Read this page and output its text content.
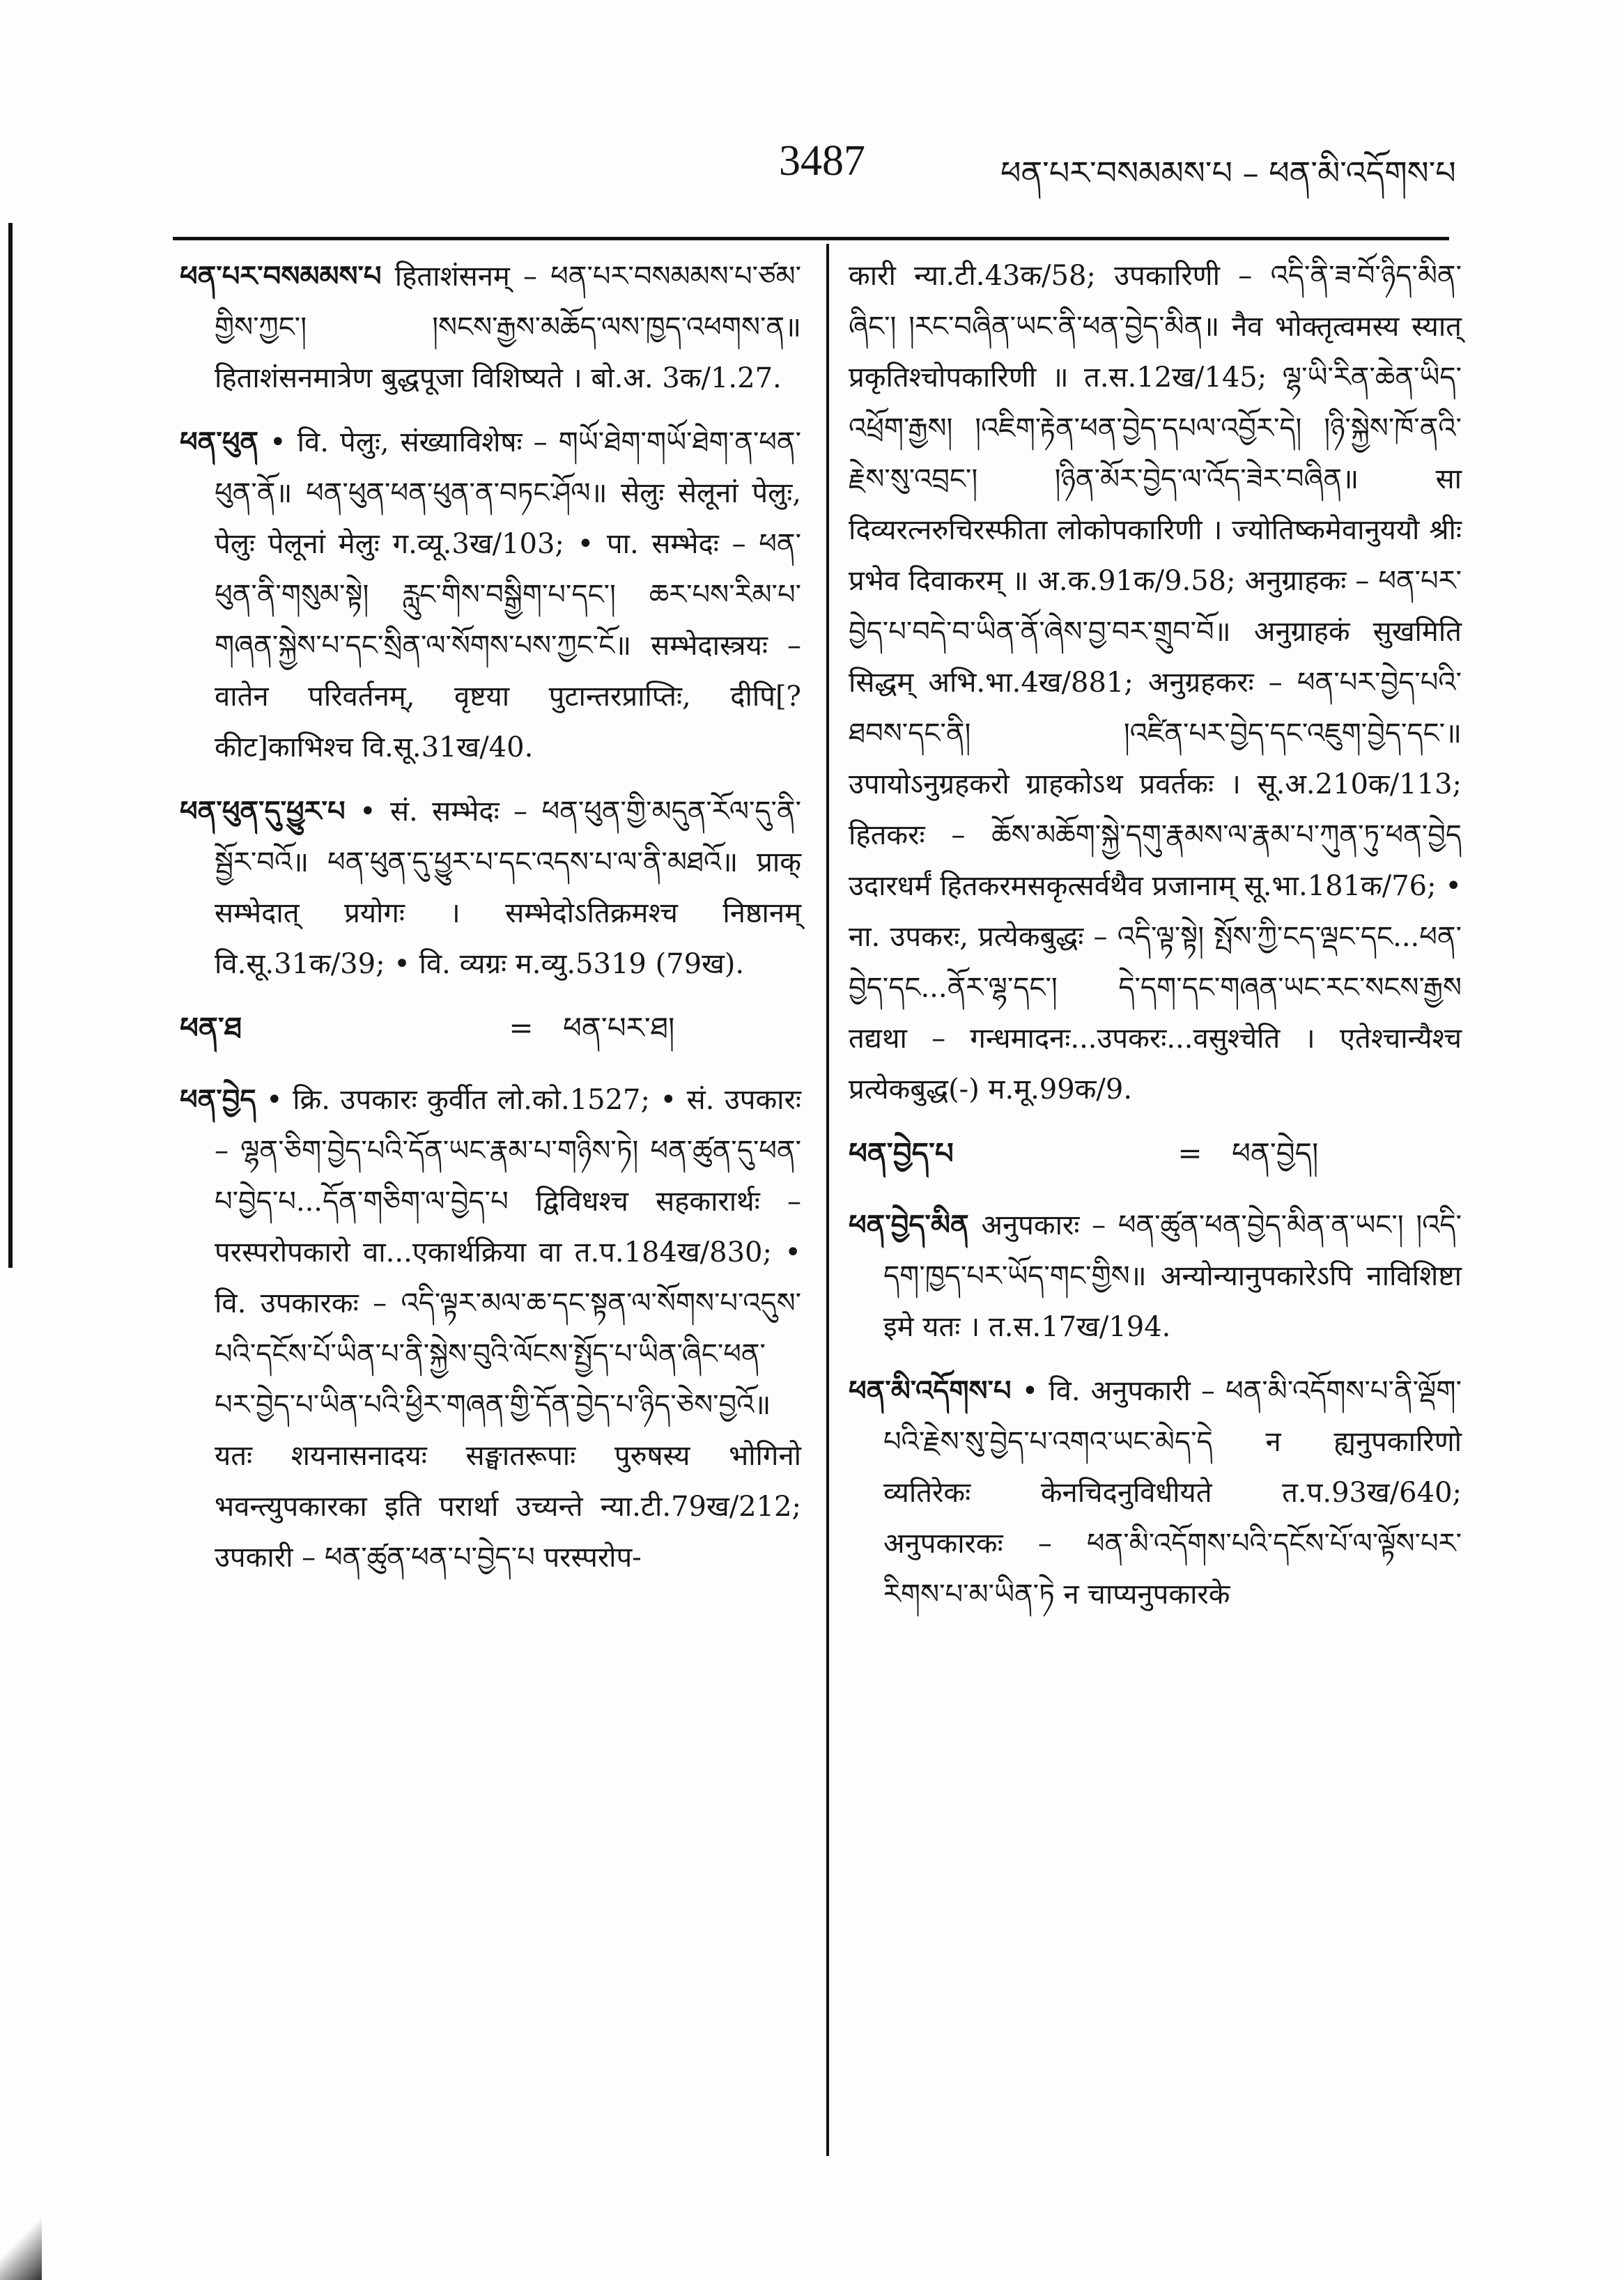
3487	ཕན་པར་བསམམས་པ – ཕན་མི་འདོགས་པ

ཕན་པར་བསམམས་པ हिताशंसनम् – ཕན་པར་བསམམས་པ་ཙམ་གྱིས་ཀྱང་། །སངས་རྒྱས་མཆོད་ལས་ཁྱད་འཕགས་ན॥ हिताशंसनमात्रेण बुद्धपूजा विशिष्यते । बो.अ. 3क/1.27.

ཕན་ཕུན • वि. पेलुः, संख्याविशेषः – གཡོ་ཐེག་གཡོ་ཐེག་ན་ཕན་ཕུན་ནོ॥ ཕན་ཕུན་ཕན་ཕུན་ན་བཏང་ཤོལ॥ सेलुः सेलूनां पेलुः, पेलुः पेलूनां मेलुः ग.व्यू.3ख/103; • पा. सम्भेदः – ཕན་ཕུན་ནི་གསུམ་སྟེ། རླུང་གིས་བསྒྱིག་པ་དང་། ཆར་པས་རིམ་པ་གཞན་སྐྱེས་པ་དང་སྲིན་ལ་སོགས་པས་ཀྱང་ངོ॥ सम्भेदास्त्रयः – वातेन परिवर्तनम्, वृष्टया पुटान्तरप्राप्तिः, दीपि[?कीट]काभिश्च वि.सू.31ख/40.

ཕན་ཕུན་དུ་ཕྱུར་པ • सं. सम्भेदः – ཕན་ཕུན་གྱི་མདུན་རོལ་དུ་ནི་སྦྱོར་བའོ॥ ཕན་ཕུན་དུ་ཕྱུར་པ་དང་འདས་པ་ལ་ནི་མཐའོ॥ प्राक् सम्भेदात् प्रयोगः । सम्भेदोऽतिक्रमश्च निष्ठानम् वि.सू.31क/39; • वि. व्यग्रः म.व्यु.5319 (79ख).

ཕན་ཐ	=	ཕན་པར་ཐ།

ཕན་བྱེད • क्रि. उपकारः कुर्वीत लो.को.1527; • सं. उपकारः – ལྷན་ཅིག་བྱེད་པའི་དོན་ཡང་རྣམ་པ་གཉིས་ཏེ། ཕན་ཚུན་དུ་ཕན་པ་བྱེད་པ...དོན་གཅིག་ལ་བྱེད་པ द्विविधश्च सहकारार्थः – परस्परोपकारो वा...एकार्थक्रिया वा त.प.184ख/830; • वि. उपकारकः – འདི་ལྟར་མལ་ཆ་དང་སྟན་ལ་སོགས་པ་འདུས་པའི་དངོས་པོ་ཡིན་པ་ནི་སྐྱེས་བུའི་ལོངས་སྤྱོད་པ་ཡིན་ཞིང་ཕན་པར་བྱེད་པ་ཡིན་པའི་ཕྱིར་གཞན་གྱི་དོན་བྱེད་པ་ཉིད་ཅེས་བྱའོ॥ यतः शयनासनादयः सङ्घातरूपाः पुरुषस्य भोगिनो भवन्त्युपकारका इति परार्था उच्यन्ते न्या.टी.79ख/212; उपकारी – ཕན་ཚུན་ཕན་པ་བྱེད་པ परस्परोप-

कारी न्या.टी.43क/58; उपकारिणी – འདི་ནི་ཟ་བོ་ཉིད་མིན་ཞིང་། །རང་བཞིན་ཡང་ནི་ཕན་བྱེད་མིན॥ नैव भोक्तृत्वमस्य स्यात् प्रकृतिश्चोपकारिणी ॥ त.स.12ख/145; ལྷ་ཡི་རིན་ཆེན་ཡིད་འཕྲོག་རྒྱས། །འཇིག་རྟེན་ཕན་བྱེད་དཔལ་འབྱོར་དེ། །ཉི་སྐྱེས་ཁོ་ནའི་རྗེས་སུ་འབྲང་། །ཉིན་མོར་བྱེད་ལ་འོད་ཟེར་བཞིན॥ सा दिव्यरत्नरुचिरस्फीता लोकोपकारिणी । ज्योतिष्कमेवानुययौ श्रीः प्रभेव दिवाकरम् ॥ अ.क.91क/9.58; अनुग्राहकः – ཕན་པར་བྱེད་པ་བདེ་བ་ཡིན་ནོ་ཞེས་བྱ་བར་གྲུབ་བོ॥ अनुग्राहकं सुखमिति सिद्धम् अभि.भा.4ख/881; अनुग्रहकरः – ཕན་པར་བྱེད་པའི་ཐབས་དང་ནི། །འཛིན་པར་བྱེད་དང་འཇུག་བྱེད་དང་॥ उपायोऽनुग्रहकरो ग्राहकोऽथ प्रवर्तकः । सू.अ.210क/113; हितकरः – ཆོས་མཆོག་སྐྱེ་དགུ་རྣམས་ལ་རྣམ་པ་ཀུན་ཏུ་ཕན་བྱེད उदारधर्मं हितकरमसकृत्सर्वथैव प्रजानाम् सू.भा.181क/76; • ना. उपकरः, प्रत्येकबुद्धः – འདི་ལྟ་སྟེ། སྤོས་ཀྱི་ངད་ལྡང་དང...ཕན་བྱེད་དང...ནོར་ལྷ་དང་། དེ་དག་དང་གཞན་ཡང་རང་སངས་རྒྱས तद्यथा – गन्धमादनः...उपकरः...वसुश्चेति । एतेश्चान्यैश्च प्रत्येकबुद्ध(-) म.मू.99क/9.

ཕན་བྱེད་པ	=	ཕན་བྱེད།

ཕན་བྱེད་མིན अनुपकारः – ཕན་ཚུན་ཕན་བྱེད་མིན་ན་ཡང་། །འདི་དག་ཁྱད་པར་ཡོད་གང་གྱིས॥ अन्योन्यानुपकारेऽपि नाविशिष्टा इमे यतः । त.स.17ख/194.

ཕན་མི་འདོགས་པ • वि. अनुपकारी – ཕན་མི་འདོགས་པ་ནི་ལྡོག་པའི་རྗེས་སུ་བྱེད་པ་འགའ་ཡང་མེད་དེ न ह्यनुपकारिणो व्यतिरेकः केनचिदनुविधीयते त.प.93ख/640; अनुपकारकः – ཕན་མི་འདོགས་པའི་དངོས་པོ་ལ་ལྟོས་པར་རིགས་པ་མ་ཡིན་ཏེ न चाप्यनुपकारके
